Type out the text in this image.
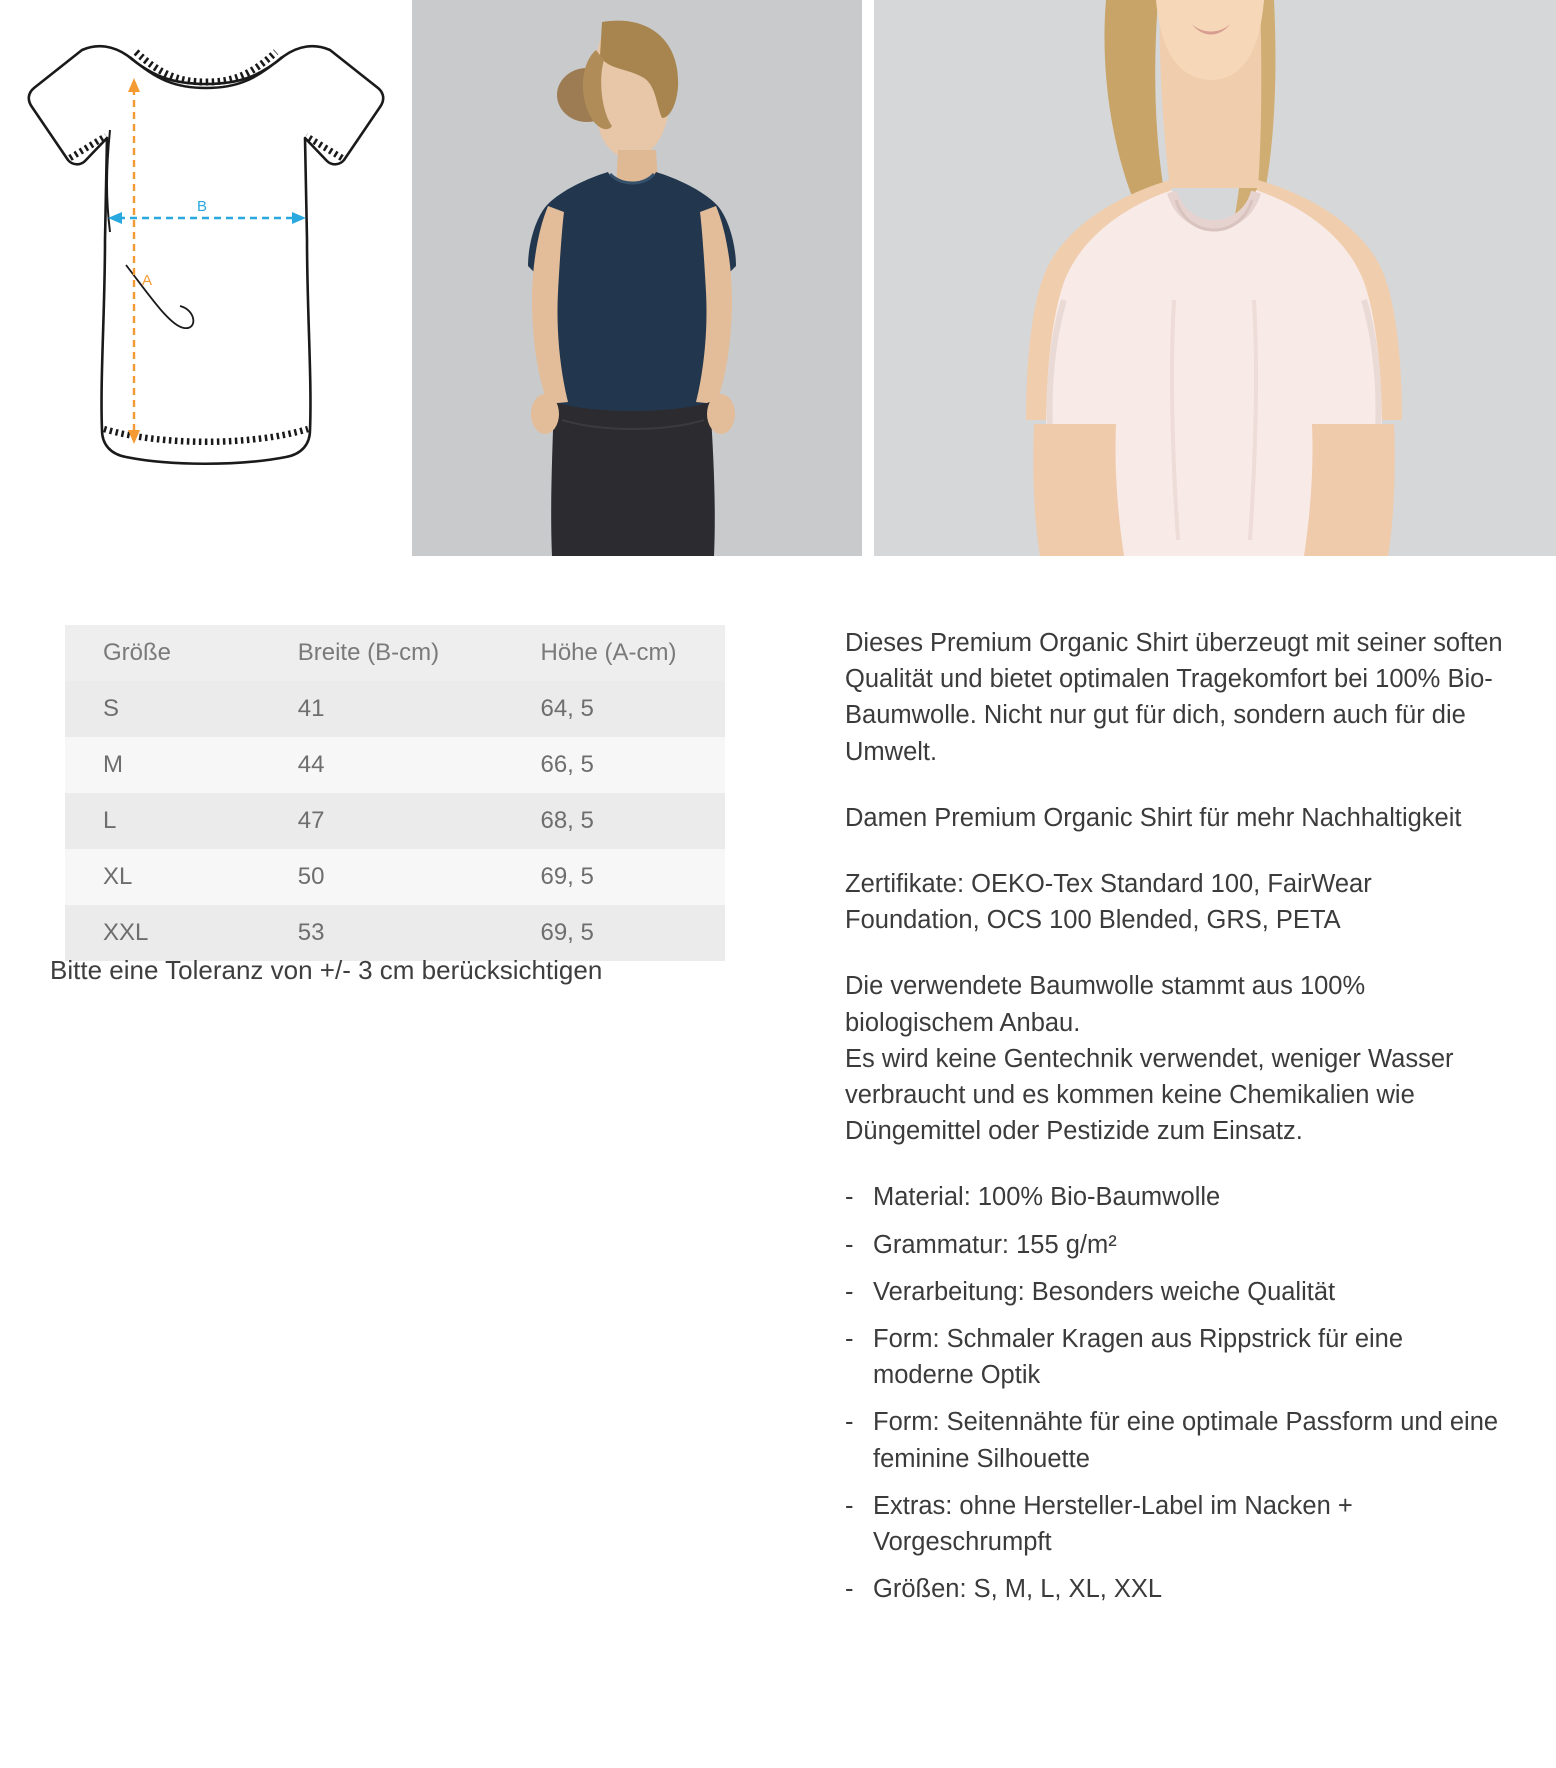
B
A
Größe	Breite (B-cm)	Höhe (A-cm)
S	41	64, 5
M	44	66, 5
L	47	68, 5
XL	50	69, 5
XXL	53	69, 5
Bitte eine Toleranz von +/- 3 cm berücksichtigen

Dieses Premium Organic Shirt überzeugt mit seiner soften Qualität und bietet optimalen Tragekomfort bei 100% Bio-Baumwolle. Nicht nur gut für dich, sondern auch für die Umwelt.

Damen Premium Organic Shirt für mehr Nachhaltigkeit

Zertifikate: OEKO-Tex Standard 100, FairWear Foundation, OCS 100 Blended, GRS, PETA

Die verwendete Baumwolle stammt aus 100% biologischem Anbau.

Es wird keine Gentechnik verwendet, weniger Wasser verbraucht und es kommen keine Chemikalien wie Düngemittel oder Pestizide zum Einsatz.

- Material: 100% Bio-Baumwolle
- Grammatur: 155 g/m²
- Verarbeitung: Besonders weiche Qualität
- Form: Schmaler Kragen aus Rippstrick für eine moderne Optik
- Form: Seitennähte für eine optimale Passform und eine feminine Silhouette
- Extras: ohne Hersteller-Label im Nacken + Vorgeschrumpft
- Größen: S, M, L, XL, XXL
